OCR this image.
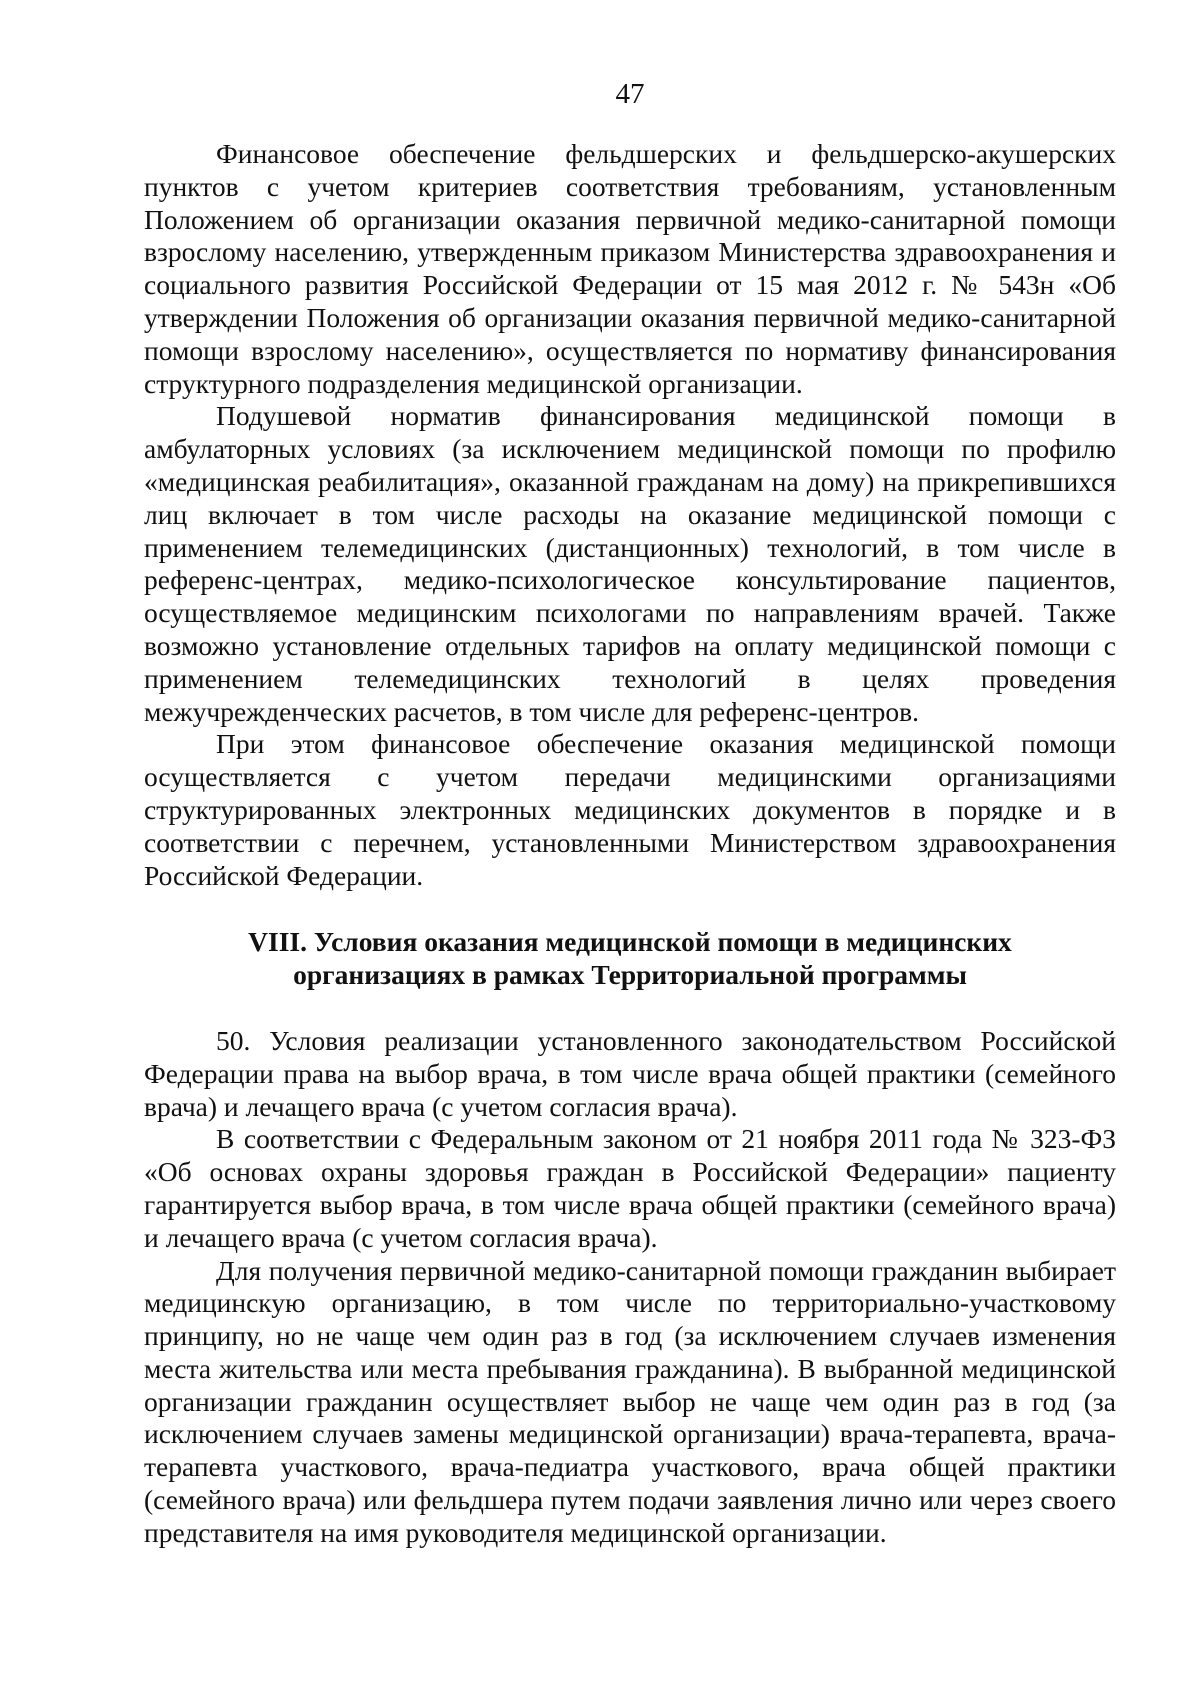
47

Финансовое обеспечение фельдшерских и фельдшерско-акушерских пунктов с учетом критериев соответствия требованиям, установленным Положением об организации оказания первичной медико-санитарной помощи взрослому населению, утвержденным приказом Министерства здравоохранения и социального развития Российской Федерации от 15 мая 2012 г. № 543н «Об утверждении Положения об организации оказания первичной медико-санитарной помощи взрослому населению», осуществляется по нормативу финансирования структурного подразделения медицинской организации.

Подушевой норматив финансирования медицинской помощи в амбулаторных условиях (за исключением медицинской помощи по профилю «медицинская реабилитация», оказанной гражданам на дому) на прикрепившихся лиц включает в том числе расходы на оказание медицинской помощи с применением телемедицинских (дистанционных) технологий, в том числе в референс-центрах, медико-психологическое консультирование пациентов, осуществляемое медицинским психологами по направлениям врачей. Также возможно установление отдельных тарифов на оплату медицинской помощи с применением телемедицинских технологий в целях проведения межучрежденческих расчетов, в том числе для референс-центров.

При этом финансовое обеспечение оказания медицинской помощи осуществляется с учетом передачи медицинскими организациями структурированных электронных медицинских документов в порядке и в соответствии с перечнем, установленными Министерством здравоохранения Российской Федерации.

VIII. Условия оказания медицинской помощи в медицинских
организациях в рамках Территориальной программы

50. Условия реализации установленного законодательством Российской Федерации права на выбор врача, в том числе врача общей практики (семейного врача) и лечащего врача (с учетом согласия врача).

В соответствии с Федеральным законом от 21 ноября 2011 года № 323-ФЗ «Об основах охраны здоровья граждан в Российской Федерации» пациенту гарантируется выбор врача, в том числе врача общей практики (семейного врача) и лечащего врача (с учетом согласия врача).

Для получения первичной медико-санитарной помощи гражданин выбирает медицинскую организацию, в том числе по территориально-участковому принципу, но не чаще чем один раз в год (за исключением случаев изменения места жительства или места пребывания гражданина). В выбранной медицинской организации гражданин осуществляет выбор не чаще чем один раз в год (за исключением случаев замены медицинской организации) врача-терапевта, врача-терапевта участкового, врача-педиатра участкового, врача общей практики (семейного врача) или фельдшера путем подачи заявления лично или через своего представителя на имя руководителя медицинской организации.
